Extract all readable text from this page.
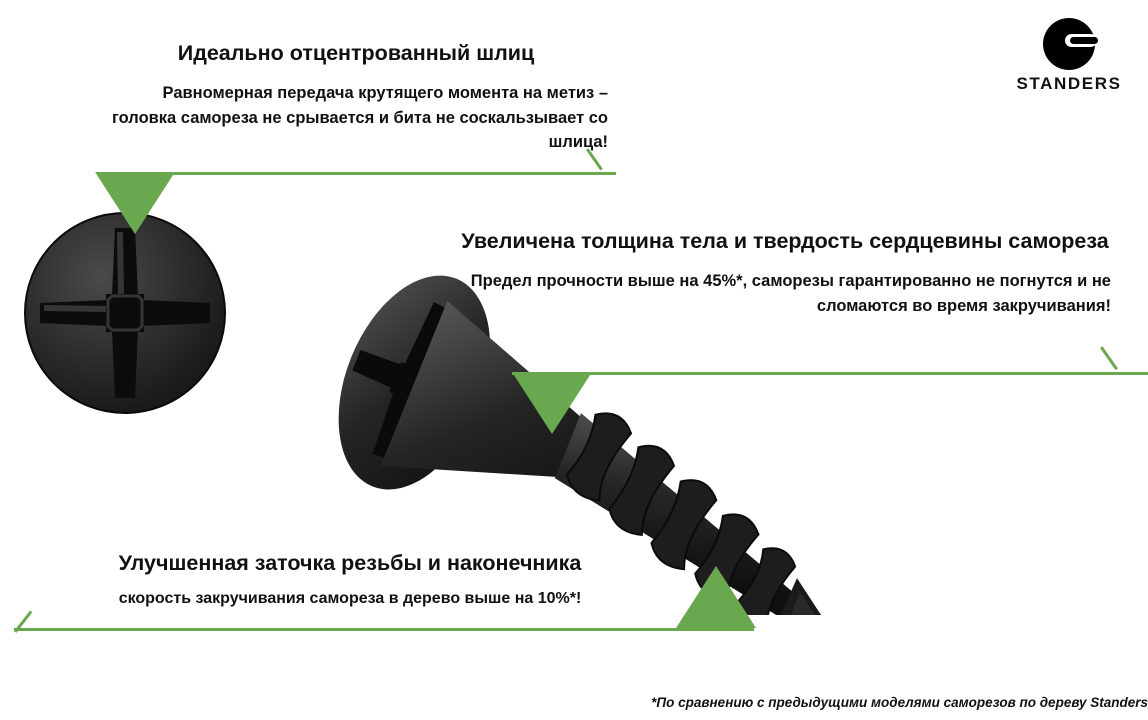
STANDERS
Идеально отцентрованный шлиц
Равномерная передача крутящего момента на метиз – головка самореза не срывается и бита не соскальзывает со шлица!
Увеличена толщина тела и твердость сердцевины самореза
Предел прочности выше на 45%*, саморезы гарантированно не погнутся и не сломаются во время закручивания!
Улучшенная заточка резьбы и наконечника
скорость закручивания самореза в дерево выше на 10%*!
*По сравнению с предыдущими моделями саморезов по дереву Standers
